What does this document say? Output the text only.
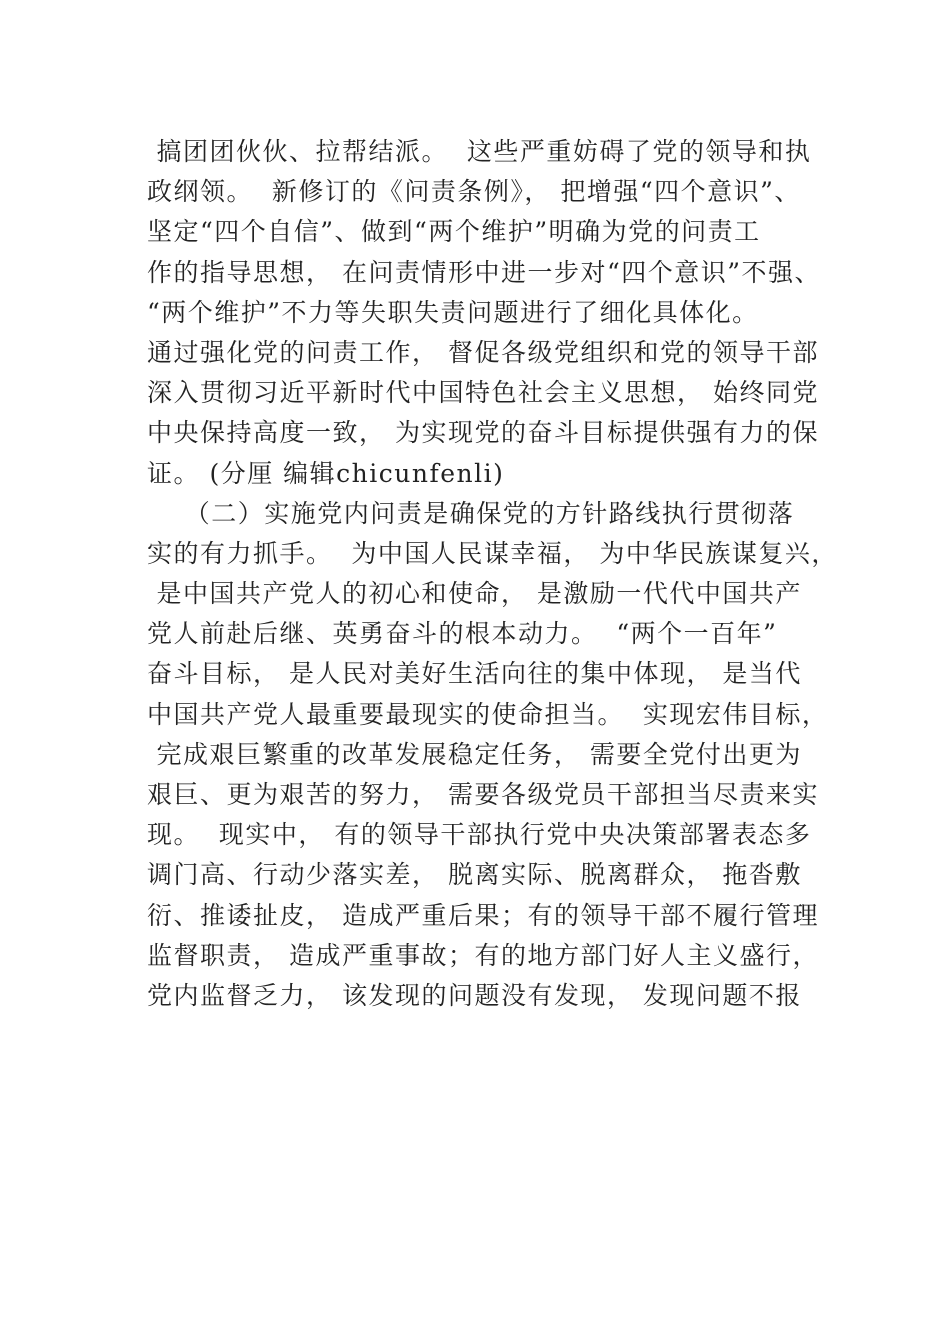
搞团团伙伙、拉帮结派。  这些严重妨碍了党的领导和执
政纲领。  新修订的《问责条例》， 把增强“四个意识”、
坚定“四个自信”、做到“两个维护”明确为党的问责工
作的指导思想， 在问责情形中进一步对“四个意识”不强、
“两个维护”不力等失职失责问题进行了细化具体化。
通过强化党的问责工作， 督促各级党组织和党的领导干部
深入贯彻习近平新时代中国特色社会主义思想， 始终同党
中央保持高度一致， 为实现党的奋斗目标提供强有力的保
证。 (分厘 编辑chicunfenli)
（二）实施党内问责是确保党的方针路线执行贯彻落
实的有力抓手。  为中国人民谋幸福， 为中华民族谋复兴，
是中国共产党人的初心和使命， 是激励一代代中国共产
党人前赴后继、英勇奋斗的根本动力。  “两个一百年”
奋斗目标， 是人民对美好生活向往的集中体现， 是当代
中国共产党人最重要最现实的使命担当。  实现宏伟目标，
完成艰巨繁重的改革发展稳定任务， 需要全党付出更为
艰巨、更为艰苦的努力， 需要各级党员干部担当尽责来实
现。  现实中， 有的领导干部执行党中央决策部署表态多
调门高、行动少落实差， 脱离实际、脱离群众， 拖沓敷
衍、推诿扯皮， 造成严重后果；有的领导干部不履行管理
监督职责， 造成严重事故；有的地方部门好人主义盛行，
党内监督乏力， 该发现的问题没有发现， 发现问题不报
